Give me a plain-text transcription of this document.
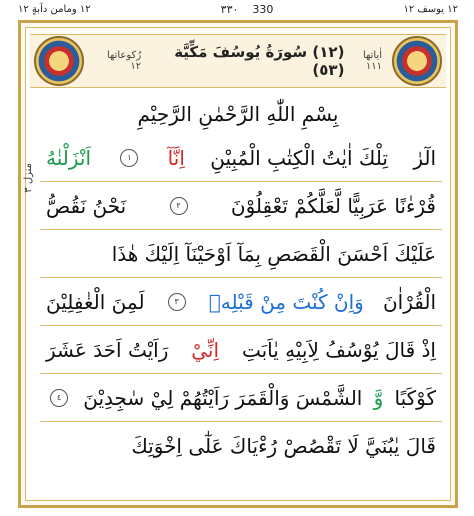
١٢ ومامن دآبةٍ ١٢	٣٣٠ 330	١٢ يوسف ١٢
اٰياتها ١١١
(١٢) سُورَةُ يُوسُفَ مَكِّيَّة (٥٣)
رُكوعاتها ١٢
بِسْمِ اللّٰهِ الرَّحْمٰنِ الرَّحِيْمِ
الٓرٰ
تِلْكَ اٰيٰتُ الْكِتٰبِ الْمُبِيْنِ
اِنَّآ
١
اَنْزَلْنٰهُ
قُرْءٰنًا عَرَبِيًّا لَّعَلَّكُمْ تَعْقِلُوْنَ
٢
نَحْنُ نَقُصُّ
عَلَيْكَ اَحْسَنَ الْقَصَصِ بِمَآ اَوْحَيْنَآ اِلَيْكَ هٰذَا
الْقُرْاٰنَ
وَاِنْ كُنْتَ مِنْ قَبْلِهٖ
٣
لَمِنَ الْغٰفِلِيْنَ
اِذْ قَالَ يُوْسُفُ لِاَبِيْهِ يٰاَبَتِ
اِنِّيْ
رَاَيْتُ اَحَدَ عَشَرَ
كَوْكَبًا
وَّ
الشَّمْسَ وَالْقَمَرَ رَاَيْتُهُمْ لِيْ سٰجِدِيْنَ
٤
قَالَ يٰبُنَيَّ لَا تَقْصُصْ رُءْيَاكَ عَلٰٓى اِخْوَتِكَ
منزل ٣
